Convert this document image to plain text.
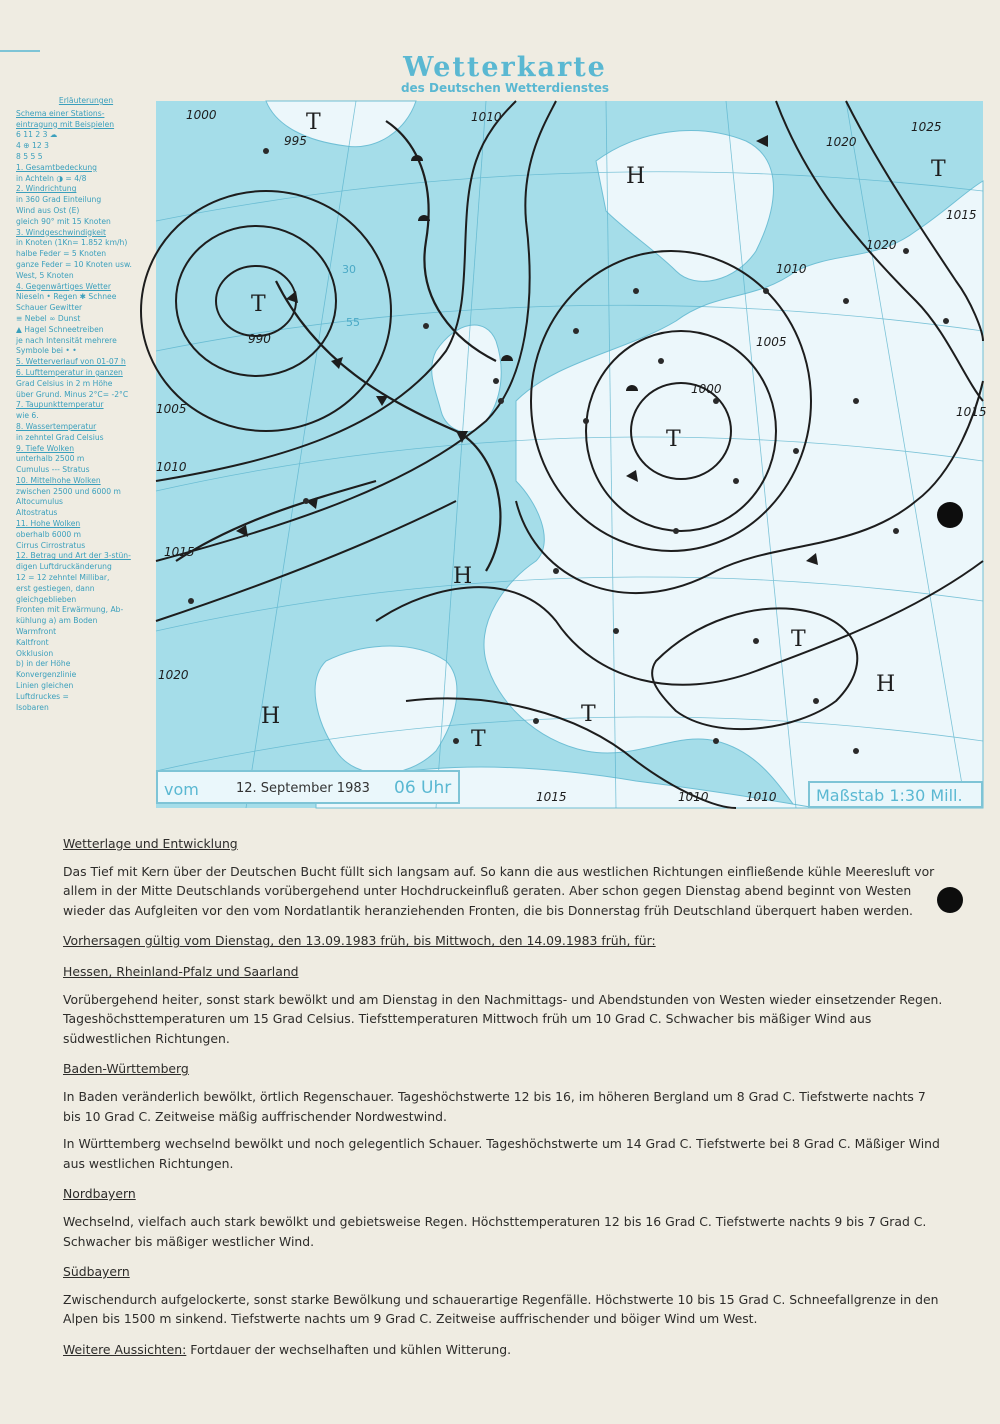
Wetterkarte
des Deutschen Wetterdienstes
Erläuterungen
Schema einer Stations-
eintragung mit Beispielen
6 11 2 3 ☁
4 ⊕ 12 3
8 5 5 5
1. Gesamtbedeckung
in Achteln ◑ = 4/8
2. Windrichtung
in 360 Grad Einteilung
Wind aus Ost (E)
gleich 90° mit 15 Knoten
3. Windgeschwindigkeit
in Knoten (1Kn= 1.852 km/h)
halbe Feder = 5 Knoten
ganze Feder = 10 Knoten usw.
West, 5 Knoten
4. Gegenwärtiges Wetter
Nieseln • Regen ✱ Schnee
Schauer Gewitter
≡ Nebel ∞ Dunst
▲ Hagel Schneetreiben
je nach Intensität mehrere
Symbole bei • •
5. Wetterverlauf von 01-07 h
6. Lufttemperatur in ganzen
Grad Celsius in 2 m Höhe
über Grund. Minus 2°C= -2°C
7. Taupunkttemperatur
wie 6.
8. Wassertemperatur
in zehntel Grad Celsius
9. Tiefe Wolken
unterhalb 2500 m
Cumulus --- Stratus
10. Mittelhohe Wolken
zwischen 2500 und 6000 m
Altocumulus
Altostratus
11. Hohe Wolken
oberhalb 6000 m
Cirrus Cirrostratus
12. Betrag und Art der 3-stün-
digen Luftdruckänderung
12 = 12 zehntel Millibar,
erst gestiegen, dann
gleichgeblieben
Fronten mit Erwärmung, Ab-
kühlung a) am Boden
Warmfront
Kaltfront
Okklusion
b) in der Höhe
Konvergenzlinie
Linien gleichen
Luftdruckes =
Isobaren
1000
995
1005
1010
1015
1020
990
1025
1015
1020
1010
1005
1000
1015
1010
1020
1010	1010
1015
T
T
T
T
T
T
T
H
H
H
H
30
55
vom	12. September 1983 06 Uhr	Maßstab 1:30 Mill.
Wetterlage und Entwicklung

Das Tief mit Kern über der Deutschen Bucht füllt sich langsam auf. So kann die aus westlichen Richtungen einfließende kühle Meeresluft vor allem in der Mitte Deutschlands vorübergehend unter Hochdruckeinfluß geraten. Aber schon gegen Dienstag abend beginnt von Westen wieder das Aufgleiten vor den vom Nordatlantik heranziehenden Fronten, die bis Donnerstag früh Deutschland überquert haben werden.

Vorhersagen gültig vom Dienstag, den 13.09.1983 früh, bis Mittwoch, den 14.09.1983 früh, für:
Hessen, Rheinland-Pfalz und Saarland

Vorübergehend heiter, sonst stark bewölkt und am Dienstag in den Nachmittags- und Abendstunden von Westen wieder einsetzender Regen. Tageshöchsttemperaturen um 15 Grad Celsius. Tiefsttemperaturen Mittwoch früh um 10 Grad C. Schwacher bis mäßiger Wind aus südwestlichen Richtungen.

Baden-Württemberg

In Baden veränderlich bewölkt, örtlich Regenschauer. Tageshöchstwerte 12 bis 16, im höheren Bergland um 8 Grad C. Tiefstwerte nachts 7 bis 10 Grad C. Zeitweise mäßig auffrischender Nordwestwind.

In Württemberg wechselnd bewölkt und noch gelegentlich Schauer. Tageshöchstwerte um 14 Grad C. Tiefstwerte bei 8 Grad C. Mäßiger Wind aus westlichen Richtungen.

Nordbayern

Wechselnd, vielfach auch stark bewölkt und gebietsweise Regen. Höchsttemperaturen 12 bis 16 Grad C. Tiefstwerte nachts 9 bis 7 Grad C. Schwacher bis mäßiger westlicher Wind.

Südbayern

Zwischendurch aufgelockerte, sonst starke Bewölkung und schauerartige Regenfälle. Höchstwerte 10 bis 15 Grad C. Schneefallgrenze in den Alpen bis 1500 m sinkend. Tiefstwerte nachts um 9 Grad C. Zeitweise auffrischender und böiger Wind um West.

Weitere Aussichten: Fortdauer der wechselhaften und kühlen Witterung.
